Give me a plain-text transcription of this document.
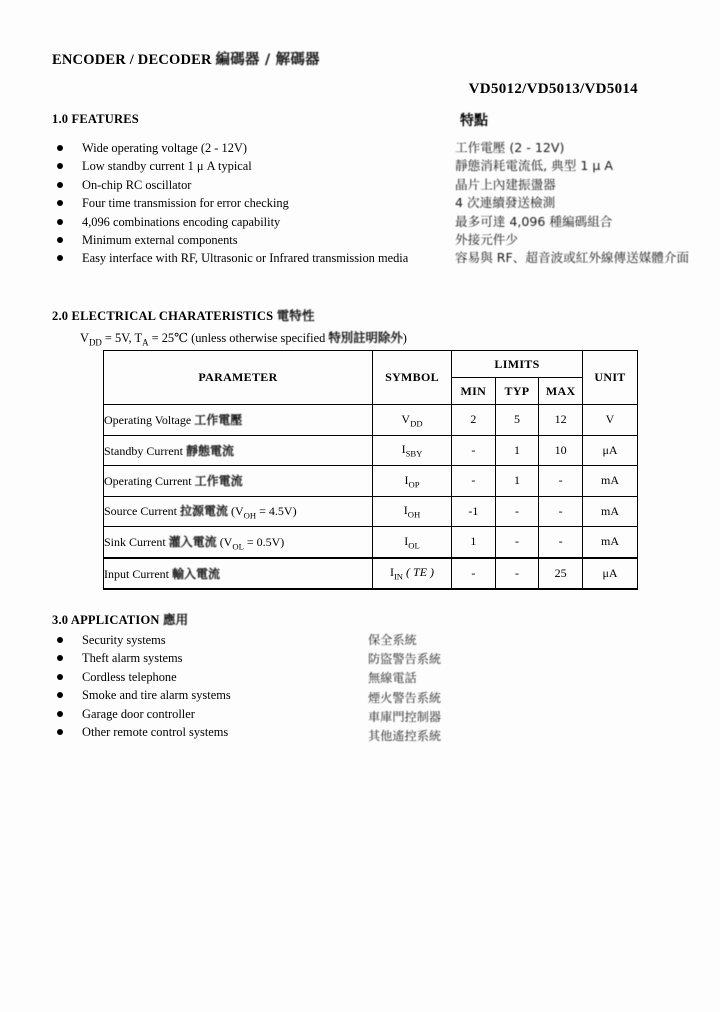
ENCODER / DECODER 編碼器 / 解碼器
VD5012/VD5013/VD5014
1.0 FEATURES	特點
Wide operating voltage (2 - 12V)
Low standby current 1 μ A typical
On-chip RC oscillator
Four time transmission for error checking
4,096 combinations encoding capability
Minimum external components
Easy interface with RF, Ultrasonic or Infrared transmission media
工作電壓 (2 - 12V)
靜態消耗電流低, 典型 1 μ A
晶片上內建振盪器
4 次連續發送檢測
最多可達 4,096 種編碼組合
外接元件少
容易與 RF、超音波或紅外線傳送媒體介面
2.0 ELECTRICAL CHARATERISTICS 電特性
$V_{DD} = 5V$, $T_A$ = 25℃ (unless otherwise specified 特別註明除外)
PARAMETER	SYMBOL	LIMITS			UNIT
		MIN	TYP	MAX	
Operating Voltage 工作電壓	$V_{DD}$	2	5	12	V
Standby Current 靜態電流	$I_{SBY}$	-	1	10	μA
Operating Current 工作電流	$I_{OP}$	-	1	-	mA
Source Current 拉源電流 $(V_{OH} = 4.5V)$	$I_{OH}$	-1	-	-	mA
Sink Current 灌入電流 $(V_{OL} = 0.5V)$	$I_{OL}$	1	-	-	mA
Input Current 輸入電流	$I_{IN}$ ( TE )	-	-	25	μA
3.0 APPLICATION 應用
Security systems
Theft alarm systems
Cordless telephone
Smoke and tire alarm systems
Garage door controller
Other remote control systems
保全系統
防盜警告系統
無線電話
煙火警告系統
車庫門控制器
其他遙控系統
